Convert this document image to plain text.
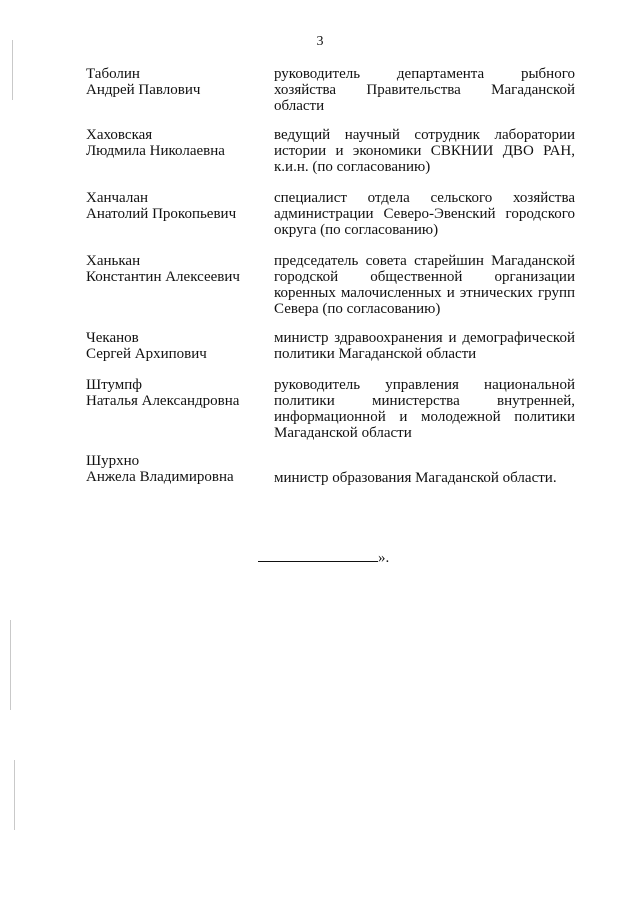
3
Таболин
Андрей Павлович
руководитель департамента рыбного
хозяйства Правительства Магаданской
области
Хаховская
Людмила Николаевна
ведущий научный сотрудник лаборатории
истории и экономики СВКНИИ ДВО РАН,
к.и.н. (по согласованию)
Ханчалан
Анатолий Прокопьевич
специалист отдела сельского хозяйства
администрации Северо-Эвенский городского
округа (по согласованию)
Ханькан
Константин Алексеевич
председатель совета старейшин Магаданской
городской общественной организации
коренных малочисленных и этнических групп
Севера (по согласованию)
Чеканов
Сергей Архипович
министр здравоохранения и демографической
политики Магаданской области
Штумпф
Наталья Александровна
руководитель управления национальной
политики министерства внутренней,
информационной и молодежной политики
Магаданской области
Шурхно
Анжела Владимировна	министр образования Магаданской области.
».
